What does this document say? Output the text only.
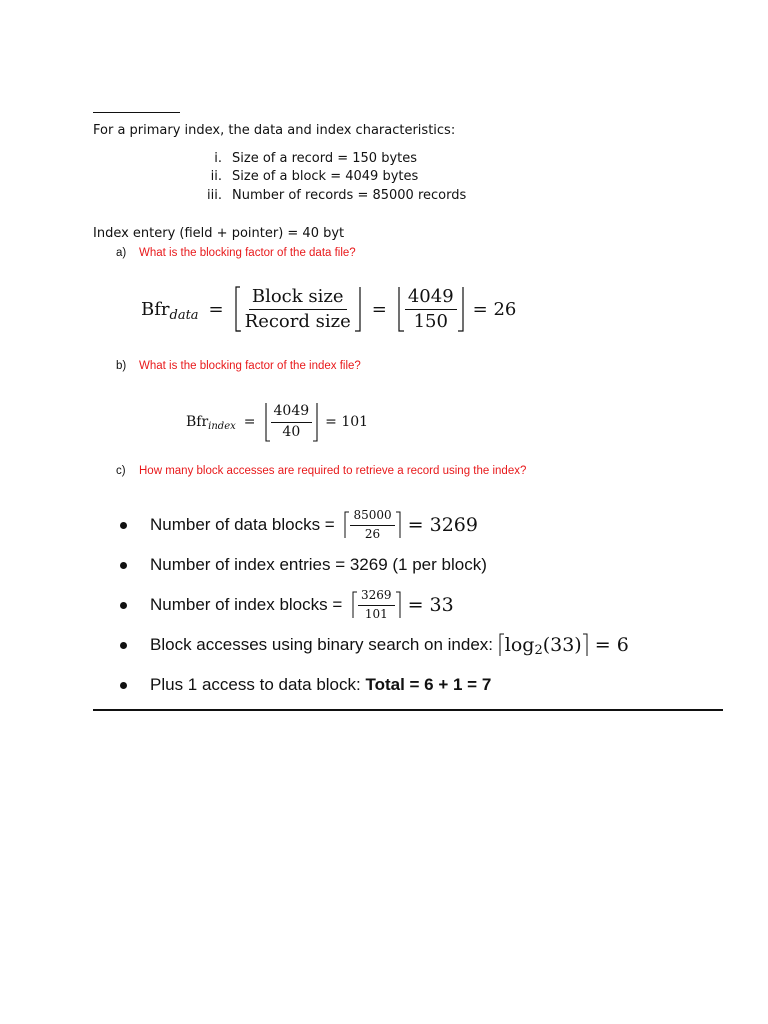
For a primary index, the data and index characteristics:
i. Size of a record = 150 bytes
ii. Size of a block = 4049 bytes
iii. Number of records = 85000 records
Index entery (field + pointer) = 40 byt
a)	What is the blocking factor of the data file?
$Bfr_{data} = \frac{\text{Block size}}{\text{Record size}} = \frac{4049}{150} = 26$
b)	What is the blocking factor of the index file?
$Bfr_{index} = \frac{4049}{40} = 101$
c)	How many block accesses are required to retrieve a record using the index?
Number of data blocks = $\frac{85000}{26} = 3269$
Number of index entries = 3269 (1 per block)
Number of index blocks = $\frac{3269}{101} = 33$
Block accesses using binary search on index: log 2 (33) = 6
Plus 1 access to data block: Total = 6 + 1 = 7
